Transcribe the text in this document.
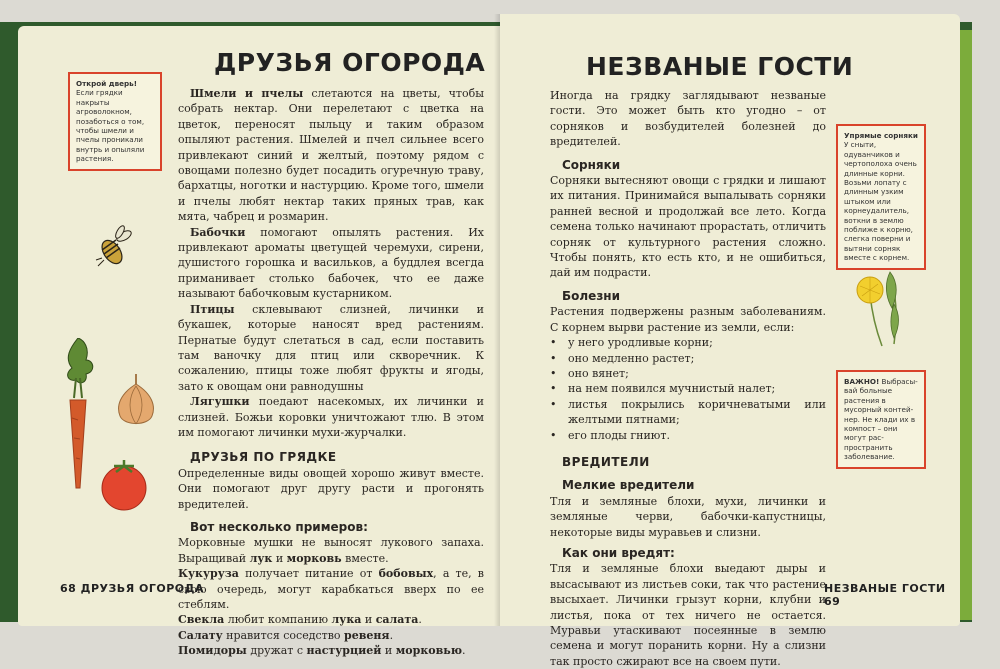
ДРУЗЬЯ ОГОРОДА
Открой дверь!
Если грядки накрыты агроволокном, позаботься о том, чтобы шмели и пчелы проникали внутрь и опыляли растения.

Шмели и пчелы слетаются на цветы, чтобы собрать нектар. Они перелетают с цветка на цветок, переносят пыльцу и таким образом опыляют растения. Шмелей и пчел сильнее всего привлекают синий и желтый, поэтому рядом с овощами полезно будет посадить огуречную траву, бархатцы, ноготки и настурцию. Кроме того, шмели и пчелы любят нектар таких пряных трав, как мята, чабрец и розмарин.

Бабочки помогают опылять растения. Их привлекают ароматы цветущей черемухи, сирени, душистого горошка и васильков, а буддлея всегда приманивает столько бабочек, что ее даже называют бабочковым кустарником.

Птицы склевывают слизней, личинки и букашек, которые наносят вред растениям. Пернатые будут слетаться в сад, если поставить там ваночку для птиц или скворечник. К сожалению, птицы тоже любят фрукты и ягоды, зато к овощам они равнодушны

Лягушки поедают насекомых, их личинки и слизней. Божьи коровки уничтожают тлю. В этом им помогают личинки мухи-журчалки.

ДРУЗЬЯ ПО ГРЯДКЕ

Определенные виды овощей хорошо живут вместе. Они помогают друг другу расти и прогонять вредителей.

Вот несколько примеров:

Морковные мушки не выносят лукового запаха. Выращивай лук и морковь вместе.

Кукуруза получает питание от бобовых, а те, в свою очередь, могут карабкаться вверх по ее стеблям.

Свекла любит компанию лука и салата.

Салату нравится соседство ревеня.

Помидоры дружат с настурцией и морковью.

68 ДРУЗЬЯ ОГОРОДА
НЕЗВАНЫЕ ГОСТИ

Иногда на грядку заглядывают незваные гости. Это может быть кто угодно – от сорняков и возбудителей болезней до вредителей.

Сорняки

Сорняки вытесняют овощи с грядки и лишают их питания. Принимайся выпалывать сорняки ранней весной и продолжай все лето. Когда семена только начинают прорастать, отличить сорняк от культурного растения сложно. Чтобы понять, кто есть кто, и не ошибиться, дай им подрасти.

Болезни

Растения подвержены разным заболеваниям. С корнем вырви растение из земли, если:

• у него уродливые корни;
• оно медленно растет;
• оно вянет;
• на нем появился мучнистый налет;
• листья покрылись коричневатыми или желтыми пятнами;
• его плоды гниют.

ВРЕДИТЕЛИ

Мелкие вредители

Тля и земляные блохи, мухи, личинки и земляные черви, бабочки-капустницы, некоторые виды муравьев и слизни.

Как они вредят:

Тля и земляные блохи выедают дыры и высасывают из листьев соки, так что растение высыхает. Личинки грызут корни, клубни и листья, пока от тех ничего не остается. Муравьи утаскивают посеянные в землю семена и могут поранить корни. Ну а слизни так просто сжирают все на своем пути.

Упрямые сорняки
У сныти, одуванчиков и чертополоха очень длинные корни. Возьми лопату с длинным узким штыком или корнеудалитель, воткни в землю поближе к корню, слегка поверни и вытяни сорняк вместе с корнем.
ВАЖНО! Выбрасывай больные растения в мусорный контейнер. Не клади их в компост – они могут распространить заболевание.
НЕЗВАНЫЕ ГОСТИ 69
